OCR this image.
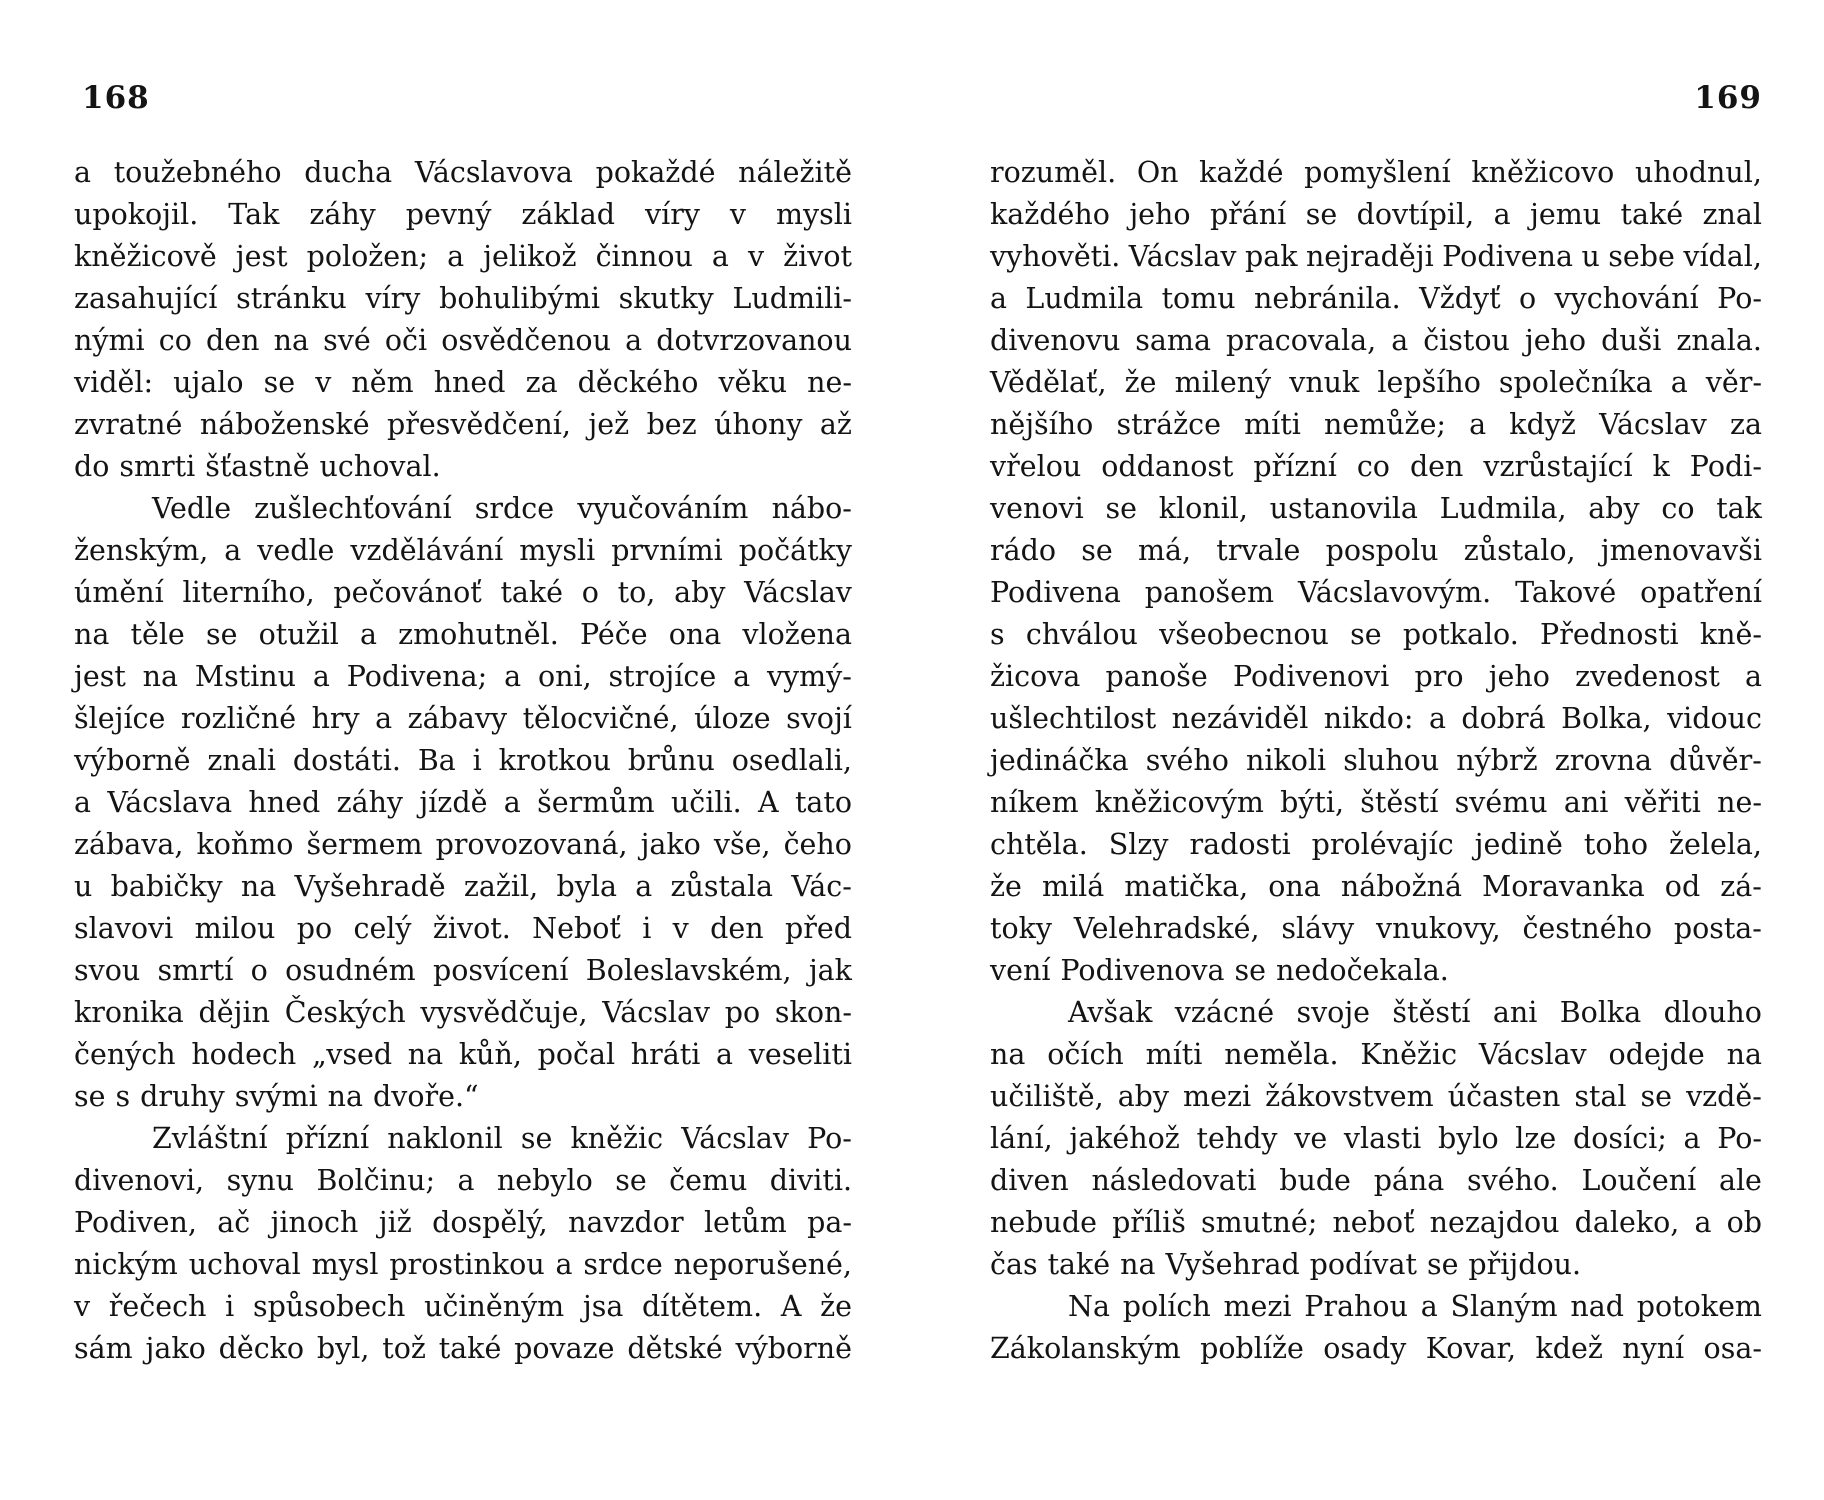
168
a toužebného ducha Vácslavova pokaždé náležitě
upokojil. Tak záhy pevný základ víry v mysli
kněžicově jest položen; a jelikož činnou a v život
zasahující stránku víry bohulibými skutky Ludmili-
nými co den na své oči osvědčenou a dotvrzovanou
viděl: ujalo se v něm hned za děckého věku ne-
zvratné náboženské přesvědčení, jež bez úhony až
do smrti šťastně uchoval.
Vedle zušlechťování srdce vyučováním nábo-
ženským, a vedle vzdělávání mysli prvními počátky
úmění literního, pečovánoť také o to, aby Vácslav
na těle se otužil a zmohutněl. Péče ona vložena
jest na Mstinu a Podivena; a oni, strojíce a vymý-
šlejíce rozličné hry a zábavy tělocvičné, úloze svojí
výborně znali dostáti. Ba i krotkou brůnu osedlali,
a Vácslava hned záhy jízdě a šermům učili. A tato
zábava, koňmo šermem provozovaná, jako vše, čeho
u babičky na Vyšehradě zažil, byla a zůstala Vác-
slavovi milou po celý život. Neboť i v den před
svou smrtí o osudném posvícení Boleslavském, jak
kronika dějin Českých vysvědčuje, Vácslav po skon-
čených hodech „vsed na kůň, počal hráti a veseliti
se s druhy svými na dvoře.“
Zvláštní přízní naklonil se kněžic Vácslav Po-
divenovi, synu Bolčinu; a nebylo se čemu diviti.
Podiven, ač jinoch již dospělý, navzdor letům pa-
nickým uchoval mysl prostinkou a srdce neporušené,
v řečech i spůsobech učiněným jsa dítětem. A že
sám jako děcko byl, tož také povaze dětské výborně
169
rozuměl. On každé pomyšlení kněžicovo uhodnul,
každého jeho přání se dovtípil, a jemu také znal
vyhověti. Vácslav pak nejraději Podivena u sebe vídal,
a Ludmila tomu nebránila. Vždyť o vychování Po-
divenovu sama pracovala, a čistou jeho duši znala.
Vědělať, že milený vnuk lepšího společníka a věr-
nějšího strážce míti nemůže; a když Vácslav za
vřelou oddanost přízní co den vzrůstající k Podi-
venovi se klonil, ustanovila Ludmila, aby co tak
rádo se má, trvale pospolu zůstalo, jmenovavši
Podivena panošem Vácslavovým. Takové opatření
s chválou všeobecnou se potkalo. Přednosti kně-
žicova panoše Podivenovi pro jeho zvedenost a
ušlechtilost nezáviděl nikdo: a dobrá Bolka, vidouc
jedináčka svého nikoli sluhou nýbrž zrovna důvěr-
níkem kněžicovým býti, štěstí svému ani věřiti ne-
chtěla. Slzy radosti prolévajíc jedině toho želela,
že milá matička, ona nábožná Moravanka od zá-
toky Velehradské, slávy vnukovy, čestného posta-
vení Podivenova se nedočekala.
Avšak vzácné svoje štěstí ani Bolka dlouho
na očích míti neměla. Kněžic Vácslav odejde na
učiliště, aby mezi žákovstvem účasten stal se vzdě-
lání, jakéhož tehdy ve vlasti bylo lze dosíci; a Po-
diven následovati bude pána svého. Loučení ale
nebude příliš smutné; neboť nezajdou daleko, a ob
čas také na Vyšehrad podívat se přijdou.
Na polích mezi Prahou a Slaným nad potokem
Zákolanským poblíže osady Kovar, kdež nyní osa-
